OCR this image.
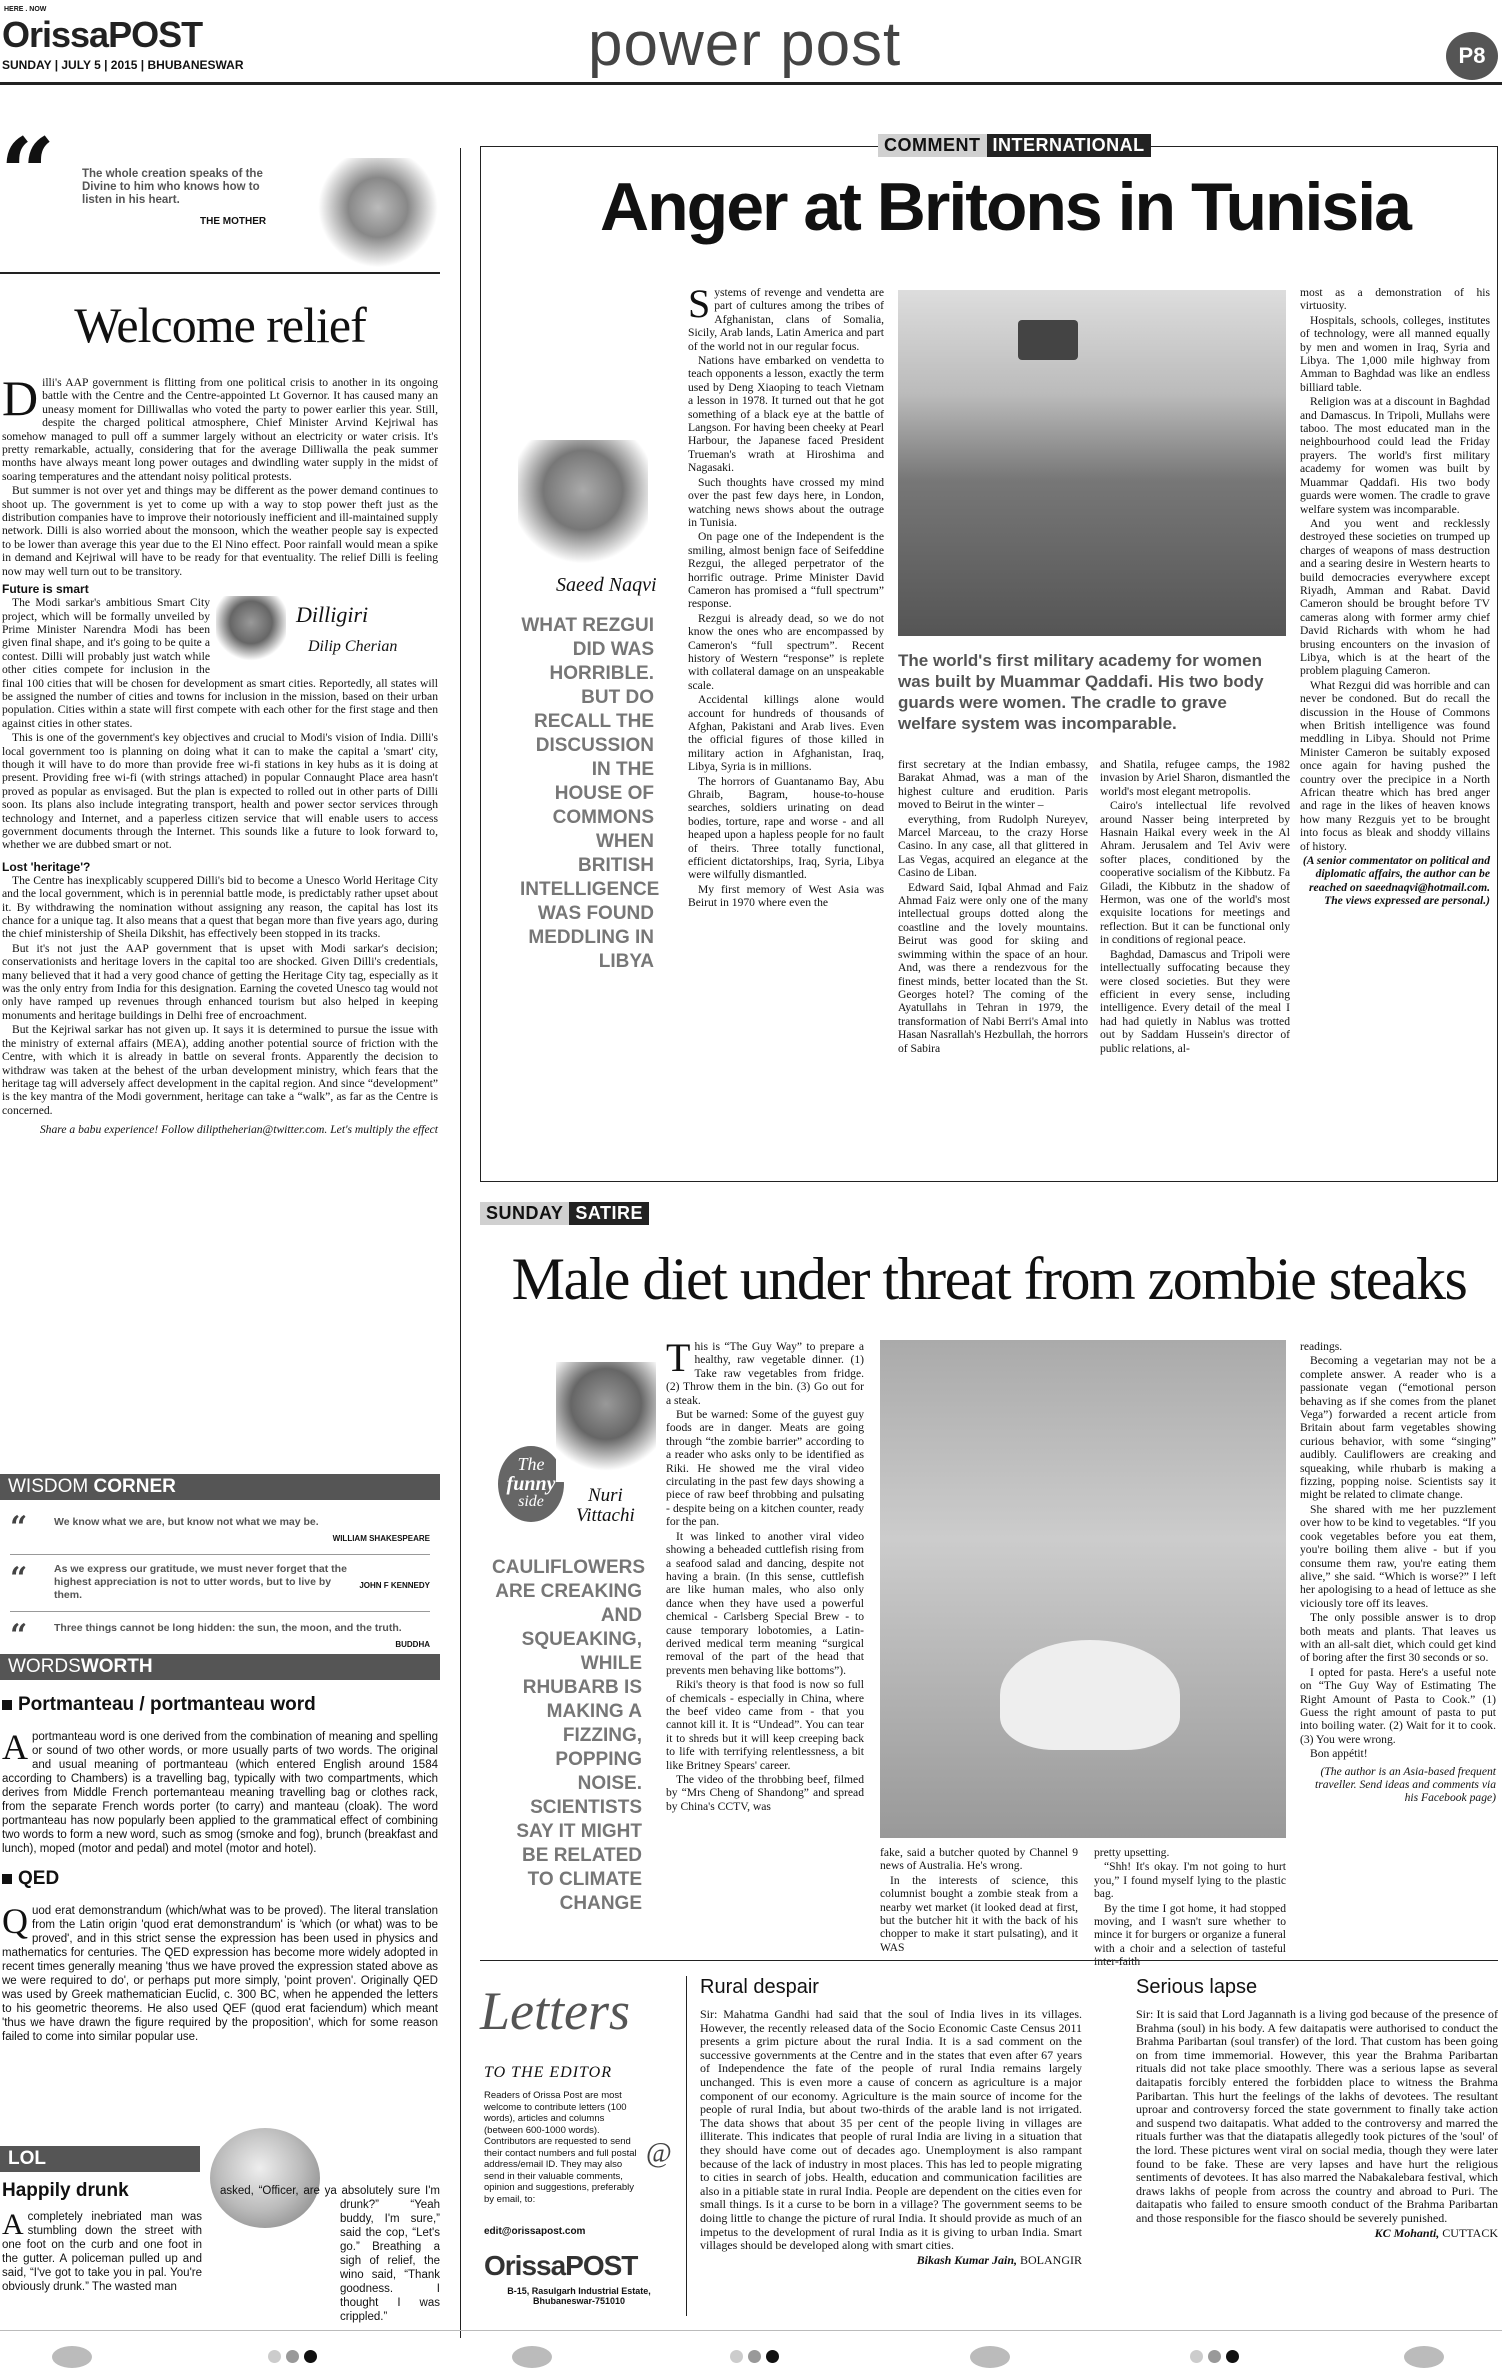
HERE . NOW
OrissaPOST
SUNDAY | JULY 5 | 2015 | BHUBANESWAR	power post	P8
“ The whole creation speaks of the Divine to him who knows how to listen in his heart.
THE MOTHER
Welcome relief

Dilli's AAP government is flitting from one political crisis to another in its ongoing battle with the Centre and the Centre-appointed Lt Governor. It has caused many an uneasy moment for Dilliwallas who voted the party to power earlier this year. Still, despite the charged political atmosphere, Chief Minister Arvind Kejriwal has somehow managed to pull off a summer largely without an electricity or water crisis. It's pretty remarkable, actually, considering that for the average Dilliwalla the peak summer months have always meant long power outages and dwindling water supply in the midst of soaring temperatures and the attendant noisy political protests.

But summer is not over yet and things may be different as the power demand continues to shoot up. The government is yet to come up with a way to stop power theft just as the distribution companies have to improve their notoriously inefficient and ill-maintained supply network. Dilli is also worried about the monsoon, which the weather people say is expected to be lower than average this year due to the El Nino effect. Poor rainfall would mean a spike in demand and Kejriwal will have to be ready for that eventuality. The relief Dilli is feeling now may well turn out to be transitory.

Future is smart
Dilligiri
Dilip Cherian

The Modi sarkar's ambitious Smart City project, which will be formally unveiled by Prime Minister Narendra Modi has been given final shape, and it's going to be quite a contest. Dilli will probably just watch while other cities compete for inclusion in the final 100 cities that will be chosen for development as smart cities. Reportedly, all states will be assigned the number of cities and towns for inclusion in the mission, based on their urban population. Cities within a state will first compete with each other for the first stage and then against cities in other states.

This is one of the government's key objectives and crucial to Modi's vision of India. Dilli's local government too is planning on doing what it can to make the capital a 'smart' city, though it will have to do more than provide free wi-fi stations in key hubs as it is doing at present. Providing free wi-fi (with strings attached) in popular Connaught Place area hasn't proved as popular as envisaged. But the plan is expected to rolled out in other parts of Dilli soon. Its plans also include integrating transport, health and power sector services through technology and Internet, and a paperless citizen service that will enable users to access government documents through the Internet. This sounds like a future to look forward to, whether we are dubbed smart or not.

Lost 'heritage'?

The Centre has inexplicably scuppered Dilli's bid to become a Unesco World Heritage City and the local government, which is in perennial battle mode, is predictably rather upset about it. By withdrawing the nomination without assigning any reason, the capital has lost its chance for a unique tag. It also means that a quest that began more than five years ago, during the chief ministership of Sheila Dikshit, has effectively been stopped in its tracks.

But it's not just the AAP government that is upset with Modi sarkar's decision; conservationists and heritage lovers in the capital too are shocked. Given Dilli's credentials, many believed that it had a very good chance of getting the Heritage City tag, especially as it was the only entry from India for this designation. Earning the coveted Unesco tag would not only have ramped up revenues through enhanced tourism but also helped in keeping monuments and heritage buildings in Delhi free of encroachment.

But the Kejriwal sarkar has not given up. It says it is determined to pursue the issue with the ministry of external affairs (MEA), adding another potential source of friction with the Centre, with which it is already in battle on several fronts. Apparently the decision to withdraw was taken at the behest of the urban development ministry, which fears that the heritage tag will adversely affect development in the capital region. And since “development” is the key mantra of the Modi government, heritage can take a “walk”, as far as the Centre is concerned.

Share a babu experience! Follow diliptheherian@twitter.com. Let's multiply the effect

WISDOM CORNER
“	We know what we are, but know not what we may be.
WILLIAM SHAKESPEARE
“	As we express our gratitude, we must never forget that the highest appreciation is not to utter words, but to live by them.
JOHN F KENNEDY
“	Three things cannot be long hidden: the sun, the moon, and the truth.
BUDDHA
WORDSWORTH
Portmanteau / portmanteau word

A portmanteau word is one derived from the combination of meaning and spelling or sound of two other words, or more usually parts of two words. The original and usual meaning of portmanteau (which entered English around 1584 according to Chambers) is a travelling bag, typically with two compartments, which derives from Middle French portemanteau meaning travelling bag or clothes rack, from the separate French words porter (to carry) and manteau (cloak). The word portmanteau has now popularly been applied to the grammatical effect of combining two words to form a new word, such as smog (smoke and fog), brunch (breakfast and lunch), moped (motor and pedal) and motel (motor and hotel).

QED

Quod erat demonstrandum (which/what was to be proved). The literal translation from the Latin origin 'quod erat demonstrandum' is 'which (or what) was to be proved', and in this strict sense the expression has been used in physics and mathematics for centuries. The QED expression has become more widely adopted in recent times generally meaning 'thus we have proved the expression stated above as we were required to do', or perhaps put more simply, 'point proven'. Originally QED was used by Greek mathematician Euclid, c. 300 BC, when he appended the letters to his geometric theorems. He also used QEF (quod erat faciendum) which meant 'thus we have drawn the figure required by the proposition', which for some reason failed to come into similar popular use.

LOL
Happily drunk

A completely inebriated man was stumbling down the street with one foot on the curb and one foot in the gutter. A policeman pulled up and said, “I've got to take you in pal. You're obviously drunk.” The wasted man

asked, “Officer, are ya absolutely sure I'm drunk?” “Yeah buddy, I'm sure,” said the cop, “Let's go.” Breathing a sigh of relief, the wino said, “Thank goodness. I thought I was crippled.”

COMMENT INTERNATIONAL
Anger at Britons in Tunisia
Saeed Naqvi
WHAT REZGUI DID WAS HORRIBLE. BUT DO RECALL THE DISCUSSION IN THE HOUSE OF COMMONS WHEN BRITISH INTELLIGENCE WAS FOUND MEDDLING IN LIBYA

Systems of revenge and vendetta are part of cultures among the tribes of Afghanistan, clans of Somalia, Sicily, Arab lands, Latin America and part of the world not in our regular focus.

Nations have embarked on vendetta to teach opponents a lesson, exactly the term used by Deng Xiaoping to teach Vietnam a lesson in 1978. It turned out that he got something of a black eye at the battle of Langson. For having been cheeky at Pearl Harbour, the Japanese faced President Trueman's wrath at Hiroshima and Nagasaki.

Such thoughts have crossed my mind over the past few days here, in London, watching news shows about the outrage in Tunisia.

On page one of the Independent is the smiling, almost benign face of Seifeddine Rezgui, the alleged perpetrator of the horrific outrage. Prime Minister David Cameron has promised a “full spectrum” response.

Rezgui is already dead, so we do not know the ones who are encompassed by Cameron's “full spectrum”. Recent history of Western “response” is replete with collateral damage on an unspeakable scale.

Accidental killings alone would account for hundreds of thousands of Afghan, Pakistani and Arab lives. Even the official figures of those killed in military action in Afghanistan, Iraq, Libya, Syria is in millions.

The horrors of Guantanamo Bay, Abu Ghraib, Bagram, house-to-house searches, soldiers urinating on dead bodies, torture, rape and worse - and all heaped upon a hapless people for no fault of theirs. Three totally functional, efficient dictatorships, Iraq, Syria, Libya were wilfully dismantled.

My first memory of West Asia was Beirut in 1970 where even the

The world's first military academy for women was built by Muammar Qaddafi. His two body guards were women. The cradle to grave welfare system was incomparable.

first secretary at the Indian embassy, Barakat Ahmad, was a man of the highest culture and erudition. Paris moved to Beirut in the winter –

everything, from Rudolph Nureyev, Marcel Marceau, to the crazy Horse Casino. In any case, all that glittered in Las Vegas, acquired an elegance at the Casino de Liban.

Edward Said, Iqbal Ahmad and Faiz Ahmad Faiz were only one of the many intellectual groups dotted along the coastline and the lovely mountains. Beirut was good for skiing and swimming within the space of an hour. And, was there a rendezvous for the finest minds, better located than the St. Georges hotel? The coming of the Ayatullahs in Tehran in 1979, the transformation of Nabi Berri's Amal into Hasan Nasrallah's Hezbullah, the horrors of Sabira

and Shatila, refugee camps, the 1982 invasion by Ariel Sharon, dismantled the world's most elegant metropolis.

Cairo's intellectual life revolved around Nasser being interpreted by Hasnain Haikal every week in the Al Ahram. Jerusalem and Tel Aviv were softer places, conditioned by the cooperative socialism of the Kibbutz. Fa Giladi, the Kibbutz in the shadow of Hermon, was one of the world's most exquisite locations for meetings and reflection. But it can be functional only in conditions of regional peace.

Baghdad, Damascus and Tripoli were intellectually suffocating because they were closed societies. But they were efficient in every sense, including intelligence. Every detail of the meal I had had quietly in Nablus was trotted out by Saddam Hussein's director of public relations, al-

most as a demonstration of his virtuosity.

Hospitals, schools, colleges, institutes of technology, were all manned equally by men and women in Iraq, Syria and Libya. The 1,000 mile highway from Amman to Baghdad was like an endless billiard table.

Religion was at a discount in Baghdad and Damascus. In Tripoli, Mullahs were taboo. The most educated man in the neighbourhood could lead the Friday prayers. The world's first military academy for women was built by Muammar Qaddafi. His two body guards were women. The cradle to grave welfare system was incomparable.

And you went and recklessly destroyed these societies on trumped up charges of weapons of mass destruction and a searing desire in Western hearts to build democracies everywhere except Riyadh, Amman and Rabat. David Cameron should be brought before TV cameras along with former army chief David Richards with whom he had brusing encounters on the invasion of Libya, which is at the heart of the problem plaguing Cameron.

What Rezgui did was horrible and can never be condoned. But do recall the discussion in the House of Commons when British intelligence was found meddling in Libya. Should not Prime Minister Cameron be suitably exposed once again for having pushed the country over the precipice in a North African theatre which has bred anger and rage in the likes of heaven knows how many Rezguis yet to be brought into focus as bleak and shoddy villains of history.

(A senior commentator on political and diplomatic affairs, the author can be reached on saeednaqvi@hotmail.com. The views expressed are personal.)

SUNDAY SATIRE
Male diet under threat from zombie steaks
The
funny
side	Nuri
Vittachi
CAULIFLOWERS ARE CREAKING AND SQUEAKING, WHILE RHUBARB IS MAKING A FIZZING, POPPING NOISE. SCIENTISTS SAY IT MIGHT BE RELATED TO CLIMATE CHANGE

This is “The Guy Way” to prepare a healthy, raw vegetable dinner. (1) Take raw vegetables from fridge. (2) Throw them in the bin. (3) Go out for a steak.

But be warned: Some of the guyest guy foods are in danger. Meats are going through “the zombie barrier” according to a reader who asks only to be identified as Riki. He showed me the viral video circulating in the past few days showing a piece of raw beef throbbing and pulsating - despite being on a kitchen counter, ready for the pan.

It was linked to another viral video showing a beheaded cuttlefish rising from a seafood salad and dancing, despite not having a brain. (In this sense, cuttlefish are like human males, who also only dance when they have used a powerful chemical - Carlsberg Special Brew - to cause temporary lobotomies, a Latin-derived medical term meaning “surgical removal of the part of the head that prevents men behaving like bottoms”).

Riki's theory is that food is now so full of chemicals - especially in China, where the beef video came from - that you cannot kill it. It is “Undead”. You can tear it to shreds but it will keep creeping back to life with terrifying relentlessness, a bit like Britney Spears' career.

The video of the throbbing beef, filmed by “Mrs Cheng of Shandong” and spread by China's CCTV, was

fake, said a butcher quoted by Channel 9 news of Australia. He's wrong.

In the interests of science, this columnist bought a zombie steak from a nearby wet market (it looked dead at first, but the butcher hit it with the back of his chopper to make it start pulsating), and it WAS

pretty upsetting.

“Shh! It's okay. I'm not going to hurt you,” I found myself lying to the plastic bag.

By the time I got home, it had stopped moving, and I wasn't sure whether to mince it for burgers or organize a funeral with a choir and a selection of tasteful inter-faith

readings.

Becoming a vegetarian may not be a complete answer. A reader who is a passionate vegan (“emotional person behaving as if she comes from the planet Vega”) forwarded a recent article from Britain about farm vegetables showing curious behavior, with some “singing” audibly. Cauliflowers are creaking and squeaking, while rhubarb is making a fizzing, popping noise. Scientists say it might be related to climate change.

She shared with me her puzzlement over how to be kind to vegetables. “If you cook vegetables before you eat them, you're boiling them alive - but if you consume them raw, you're eating them alive,” she said. “Which is worse?” I left her apologising to a head of lettuce as she viciously tore off its leaves.

The only possible answer is to drop both meats and plants. That leaves us with an all-salt diet, which could get kind of boring after the first 30 seconds or so.

I opted for pasta. Here's a useful note on “The Guy Way of Estimating The Right Amount of Pasta to Cook.” (1) Guess the right amount of pasta to put into boiling water. (2) Wait for it to cook. (3) You were wrong.

Bon appétit!

(The author is an Asia-based frequent traveller. Send ideas and comments via his Facebook page)

Letters
TO THE EDITOR
Readers of Orissa Post are most welcome to contribute letters (100 words), articles and columns (between 600-1000 words). Contributors are requested to send their contact numbers and full postal address/email ID. They may also send in their valuable comments, opinion and suggestions, preferably by email, to:
@
edit@orissapost.com
OrissaPOST
B-15, Rasulgarh Industrial Estate, Bhubaneswar-751010
Rural despair

Sir: Mahatma Gandhi had said that the soul of India lives in its villages. However, the recently released data of the Socio Economic Caste Census 2011 presents a grim picture about the rural India. It is a sad comment on the successive governments at the Centre and in the states that even after 67 years of Independence the fate of the people of rural India remains largely unchanged. This is even more a cause of concern as agriculture is a major component of our economy. Agriculture is the main source of income for the people of rural India, but about two-thirds of the arable land is not irrigated. The data shows that about 35 per cent of the people living in villages are illiterate. This indicates that people of rural India are living in a situation that they should have come out of decades ago. Unemployment is also rampant because of the lack of industry in most places. This has led to people migrating to cities in search of jobs. Health, education and communication facilities are also in a pitiable state in rural India. People are dependent on the cities even for small things. Is it a curse to be born in a village? The government seems to be doing little to change the picture of rural India. It should provide as much of an impetus to the development of rural India as it is giving to urban India. Smart villages should be developed along with smart cities.

Bikash Kumar Jain, BOLANGIR

Serious lapse

Sir: It is said that Lord Jagannath is a living god because of the presence of Brahma (soul) in his body. A few daitapatis were authorised to conduct the Brahma Paribartan (soul transfer) of the lord. That custom has been going on from time immemorial. However, this year the Brahma Paribartan rituals did not take place smoothly. There was a serious lapse as several daitapatis forcibly entered the forbidden place to witness the Brahma Paribartan. This hurt the feelings of the lakhs of devotees. The resultant uproar and controversy forced the state government to finally take action and suspend two daitapatis. What added to the controversy and marred the rituals further was that the diatapatis allegedly took pictures of the 'soul' of the lord. These pictures went viral on social media, though they were later found to be fake. These are very lapses and have hurt the religious sentiments of devotees. It has also marred the Nabakalebara festival, which draws lakhs of people from across the country and abroad to Puri. The daitapatis who failed to ensure smooth conduct of the Brahma Paribartan and those responsible for the fiasco should be severely punished.

KC Mohanti, CUTTACK
